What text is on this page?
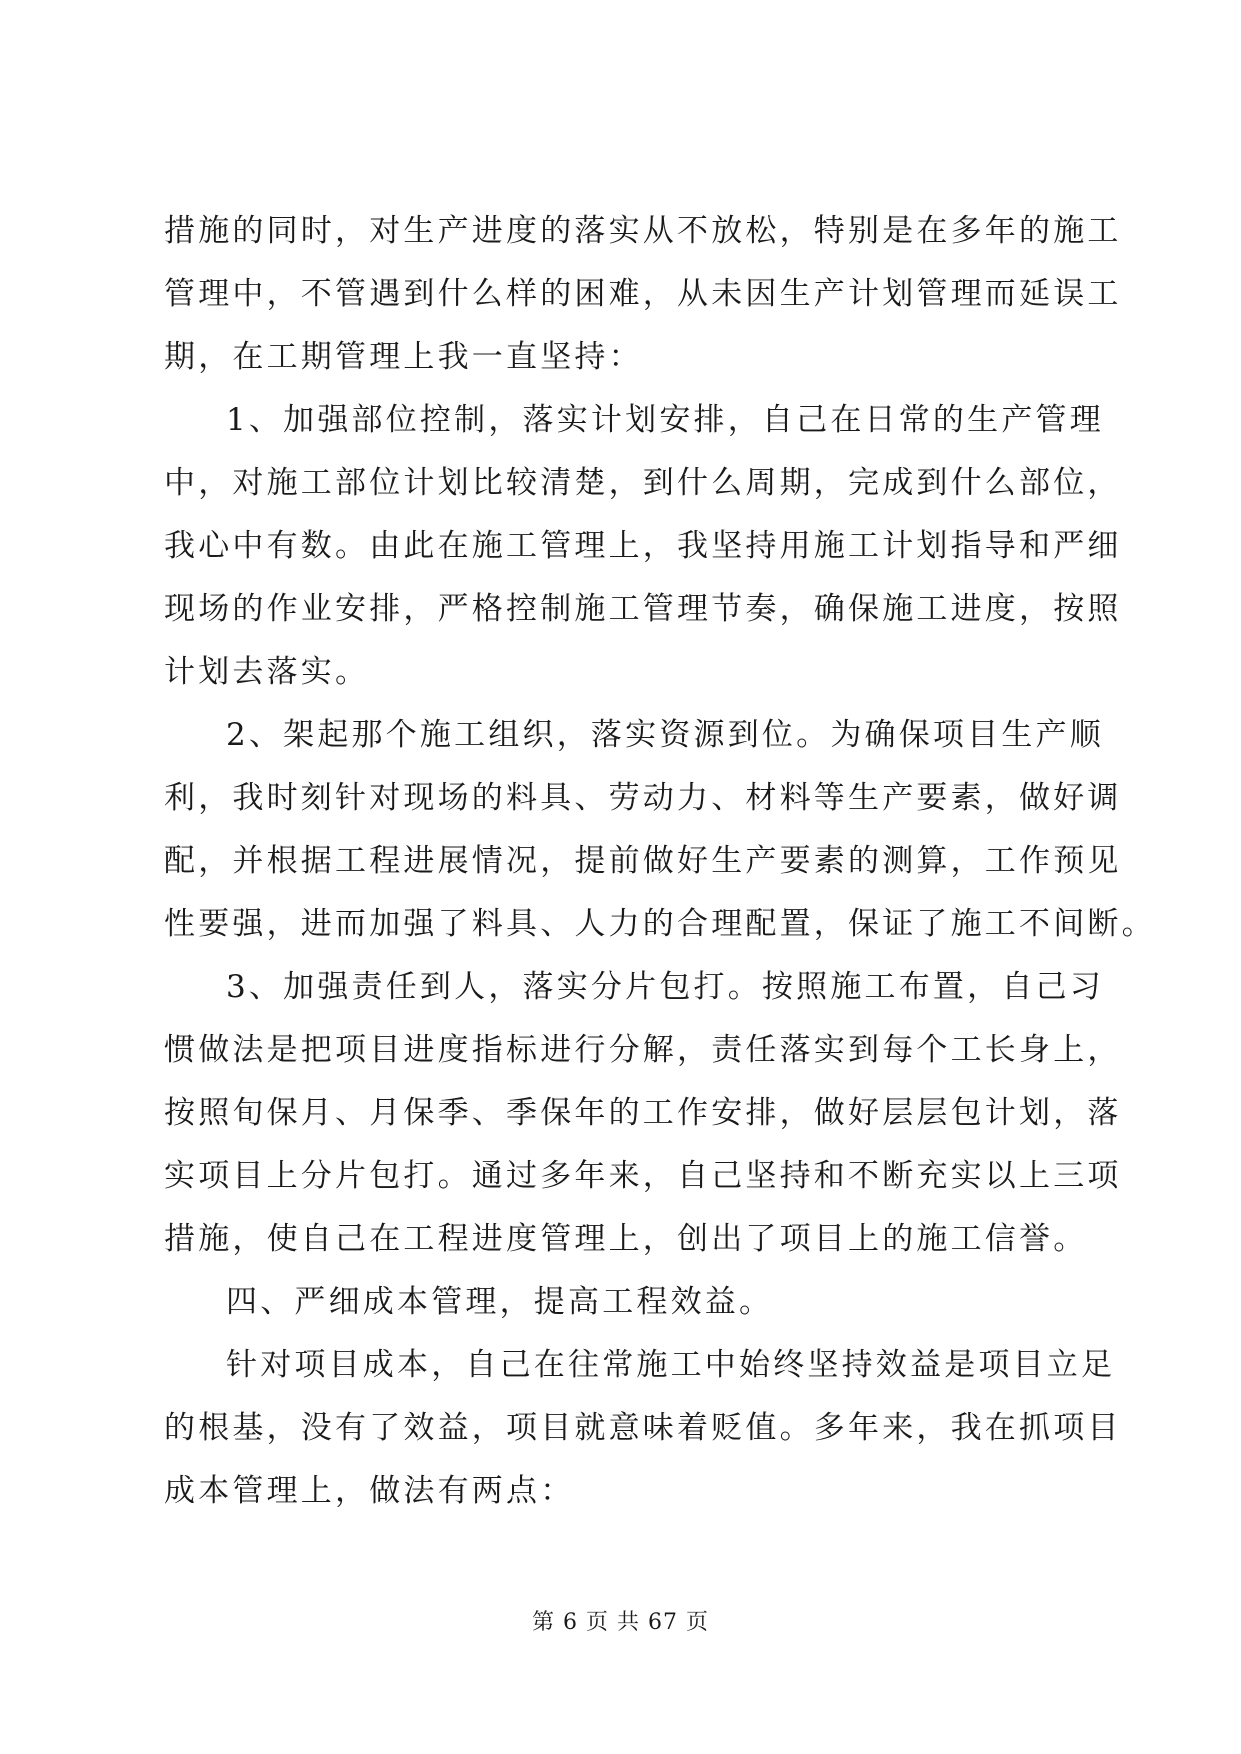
措施的同时，对生产进度的落实从不放松，特别是在多年的施工
管理中，不管遇到什么样的困难，从未因生产计划管理而延误工
期，在工期管理上我一直坚持：
1、加强部位控制，落实计划安排，自己在日常的生产管理
中，对施工部位计划比较清楚，到什么周期，完成到什么部位，
我心中有数。由此在施工管理上，我坚持用施工计划指导和严细
现场的作业安排，严格控制施工管理节奏，确保施工进度，按照
计划去落实。
2、架起那个施工组织，落实资源到位。为确保项目生产顺
利，我时刻针对现场的料具、劳动力、材料等生产要素，做好调
配，并根据工程进展情况，提前做好生产要素的测算，工作预见
性要强，进而加强了料具、人力的合理配置，保证了施工不间断。
3、加强责任到人，落实分片包打。按照施工布置，自己习
惯做法是把项目进度指标进行分解，责任落实到每个工长身上，
按照旬保月、月保季、季保年的工作安排，做好层层包计划，落
实项目上分片包打。通过多年来，自己坚持和不断充实以上三项
措施，使自己在工程进度管理上，创出了项目上的施工信誉。
四、严细成本管理，提高工程效益。
针对项目成本，自己在往常施工中始终坚持效益是项目立足
的根基，没有了效益，项目就意味着贬值。多年来，我在抓项目
成本管理上，做法有两点：
第 6 页 共 67 页
